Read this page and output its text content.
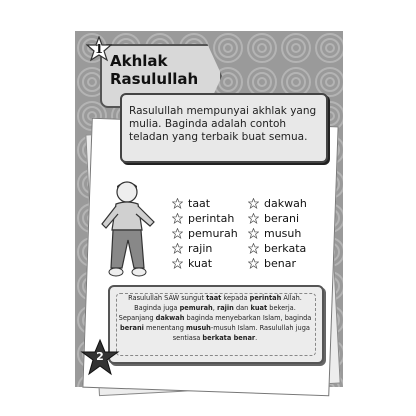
Akhlak
Rasulullah
1
Rasulullah mempunyai akhlak yang mulia. Baginda adalah contoh teladan yang terbaik buat semua.
taat
perintah
pemurah
rajin
kuat
dakwah
berani
musuh
berkata
benar
Rasulullah SAW sungut taat kepada perintah Allah. Baginda juga pemurah, rajin dan kuat bekerja. Sepanjang dakwah baginda menyebarkan Islam, baginda berani menentang musuh-musuh Islam. Rasulullah juga sentiasa berkata benar.
2
